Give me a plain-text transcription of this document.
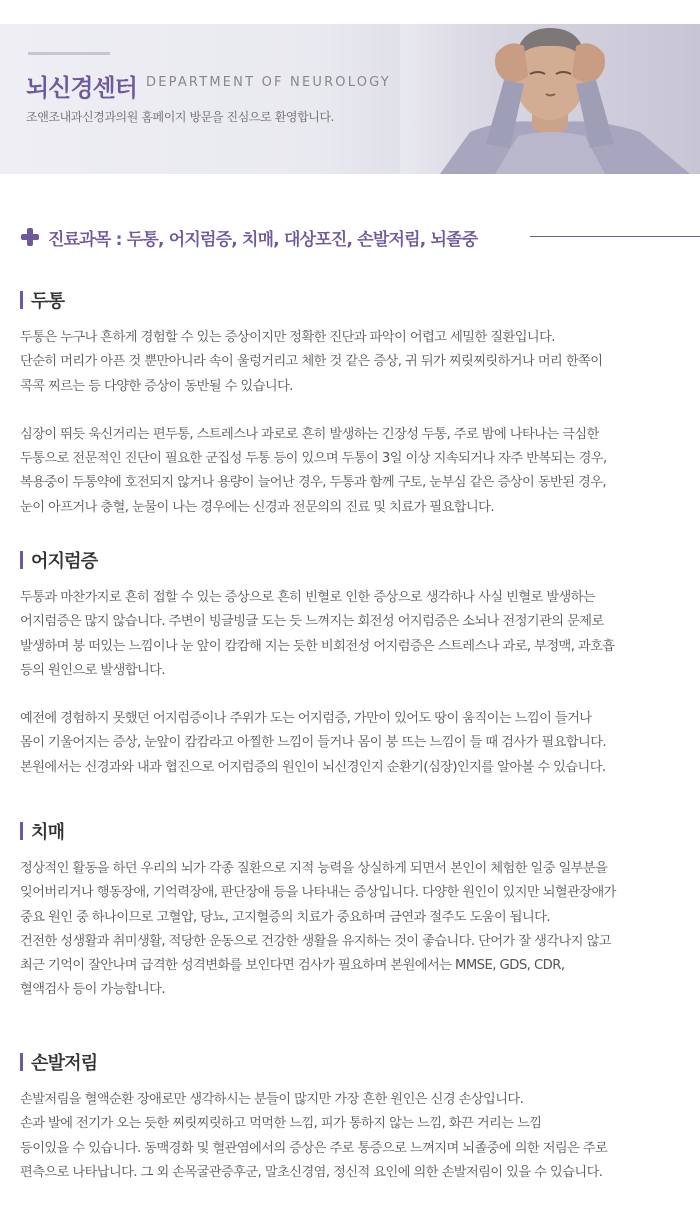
뇌신경센터 DEPARTMENT OF NEUROLOGY
조앤조내과신경과의원 홈페이지 방문을 진심으로 환영합니다.
진료과목 : 두통, 어지럼증, 치매, 대상포진, 손발저림, 뇌졸중
두통

두통은 누구나 흔하게 경험할 수 있는 증상이지만 정확한 진단과 파악이 어렵고 세밀한 질환입니다.
단순히 머리가 아픈 것 뿐만아니라 속이 울렁거리고 체한 것 같은 증상, 귀 뒤가 찌릿찌릿하거나 머리 한쪽이
콕콕 찌르는 등 다양한 증상이 동반될 수 있습니다.

심장이 뛰듯 욱신거리는 편두통, 스트레스나 과로로 흔히 발생하는 긴장성 두통, 주로 밤에 나타나는 극심한
두통으로 전문적인 진단이 필요한 군집성 두통 등이 있으며 두통이 3일 이상 지속되거나 자주 반복되는 경우,
복용중이 두통약에 호전되지 않거나 용량이 늘어난 경우, 두통과 함께 구토, 눈부심 같은 증상이 동반된 경우,
눈이 아프거나 충혈, 눈물이 나는 경우에는 신경과 전문의의 진료 및 치료가 필요합니다.

어지럼증

두통과 마찬가지로 흔히 접할 수 있는 증상으로 흔히 빈혈로 인한 증상으로 생각하나 사실 빈혈로 발생하는
어지럼증은 많지 않습니다. 주변이 빙글빙글 도는 듯 느껴지는 회전성 어지럼증은 소뇌나 전정기관의 문제로
발생하며 붕 떠있는 느낌이나 눈 앞이 캄캄해 지는 듯한 비회전성 어지럼증은 스트레스나 과로, 부정맥, 과호흡
등의 원인으로 발생합니다.

예전에 경험하지 못했던 어지럼증이나 주위가 도는 어지럼증, 가만이 있어도 땅이 움직이는 느낌이 들거나
몸이 기울어지는 증상, 눈앞이 캄캄라고 아찔한 느낌이 들거나 몸이 붕 뜨는 느낌이 들 때 검사가 필요합니다.
본원에서는 신경과와 내과 협진으로 어지럼증의 원인이 뇌신경인지 순환기(심장)인지를 알아볼 수 있습니다.

치매

정상적인 활동을 하던 우리의 뇌가 각종 질환으로 지적 능력을 상실하게 되면서 본인이 체험한 일중 일부분을
잊어버리거나 행동장애, 기억력장애, 판단장애 등을 나타내는 증상입니다. 다양한 원인이 있지만 뇌혈관장애가
중요 원인 중 하나이므로 고혈압, 당뇨, 고지혈증의 치료가 중요하며 금연과 절주도 도움이 됩니다.
건전한 성생활과 취미생활, 적당한 운동으로 건강한 생활을 유지하는 것이 좋습니다. 단어가 잘 생각나지 않고
최근 기억이 잘안나며 급격한 성격변화를 보인다면 검사가 필요하며 본원에서는 MMSE, GDS, CDR,
혈액검사 등이 가능합니다.

손발저림

손발저림을 혈액순환 장애로만 생각하시는 분들이 많지만 가장 흔한 원인은 신경 손상입니다.
손과 발에 전기가 오는 듯한 찌릿찌릿하고 먹먹한 느낌, 피가 통하지 않는 느낌, 화끈 거리는 느낌
등이있을 수 있습니다. 동맥경화 및 혈관염에서의 증상은 주로 통증으로 느껴지며 뇌졸중에 의한 저림은 주로
편측으로 나타납니다. 그 외 손목굴관증후군, 말초신경염, 정신적 요인에 의한 손발저림이 있을 수 있습니다.
